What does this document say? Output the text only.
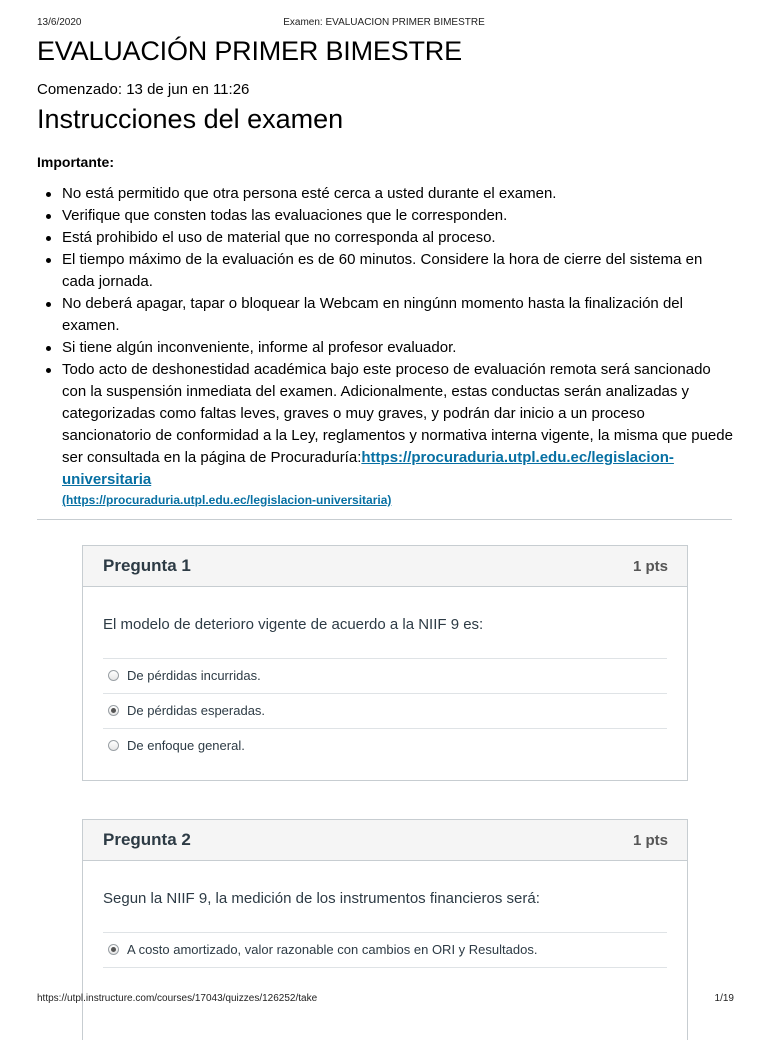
13/6/2020	Examen: EVALUACION PRIMER BIMESTRE
EVALUACIÓN PRIMER BIMESTRE
Comenzado: 13 de jun en 11:26
Instrucciones del examen
Importante:
No está permitido que otra persona esté cerca a usted durante el examen.
Verifique que consten todas las evaluaciones que le corresponden.
Está prohibido el uso de material que no corresponda al proceso.
El tiempo máximo de la evaluación es de 60 minutos. Considere la hora de cierre del sistema en cada jornada.
No deberá apagar, tapar o bloquear la Webcam en ningúnn momento hasta la finalización del examen.
Si tiene algún inconveniente, informe al profesor evaluador.
Todo acto de deshonestidad académica bajo este proceso de evaluación remota será sancionado con la suspensión inmediata del examen. Adicionalmente, estas conductas serán analizadas y categorizadas como faltas leves, graves o muy graves, y podrán dar inicio a un proceso sancionatorio de conformidad a la Ley, reglamentos y normativa interna vigente, la misma que puede ser consultada en la página de Procuraduría:https://procuraduria.utpl.edu.ec/legislacion-universitaria
(https://procuraduria.utpl.edu.ec/legislacion-universitaria)
Pregunta 1	1 pts
El modelo de deterioro vigente de acuerdo a la NIIF 9 es:
De pérdidas incurridas.
De pérdidas esperadas.
De enfoque general.
Pregunta 2	1 pts
Segun la NIIF 9, la medición de los instrumentos financieros será:
A costo amortizado, valor razonable con cambios en ORI y Resultados.
https://utpl.instructure.com/courses/17043/quizzes/126252/take	1/19
